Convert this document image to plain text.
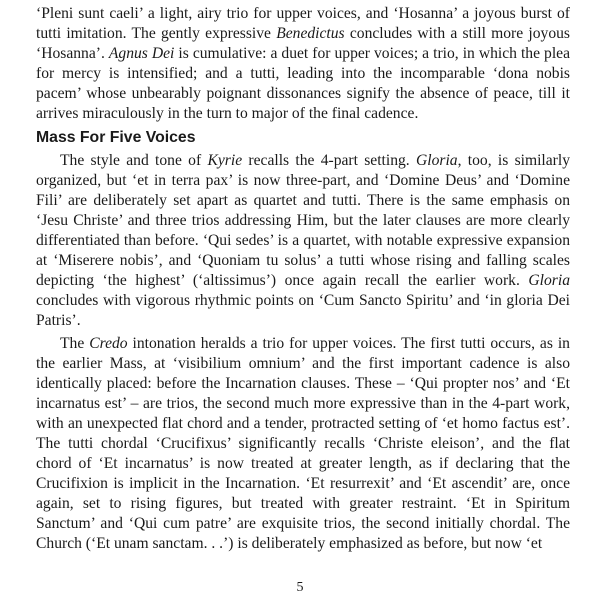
‘Pleni sunt caeli’ a light, airy trio for upper voices, and ‘Hosanna’ a joyous burst of tutti imitation. The gently expressive Benedictus concludes with a still more joyous ‘Hosanna’. Agnus Dei is cumulative: a duet for upper voices; a trio, in which the plea for mercy is intensified; and a tutti, leading into the incomparable ‘dona nobis pacem’ whose unbearably poignant dissonances signify the absence of peace, till it arrives miraculously in the turn to major of the final cadence.

Mass For Five Voices

The style and tone of Kyrie recalls the 4-part setting. Gloria, too, is similarly organized, but ‘et in terra pax’ is now three-part, and ‘Domine Deus’ and ‘Domine Fili’ are deliberately set apart as quartet and tutti. There is the same emphasis on ‘Jesu Christe’ and three trios addressing Him, but the later clauses are more clearly differentiated than before. ‘Qui sedes’ is a quartet, with notable expressive expansion at ‘Miserere nobis’, and ‘Quoniam tu solus’ a tutti whose rising and falling scales depicting ‘the highest’ (‘altissimus’) once again recall the earlier work. Gloria concludes with vigorous rhythmic points on ‘Cum Sancto Spiritu’ and ‘in gloria Dei Patris’.

The Credo intonation heralds a trio for upper voices. The first tutti occurs, as in the earlier Mass, at ‘visibilium omnium’ and the first important cadence is also identically placed: before the Incarnation clauses. These – ‘Qui propter nos’ and ‘Et incarnatus est’ – are trios, the second much more expressive than in the 4-part work, with an unexpected flat chord and a tender, protracted setting of ‘et homo factus est’. The tutti chordal ‘Crucifixus’ significantly recalls ‘Christe eleison’, and the flat chord of ‘Et incarnatus’ is now treated at greater length, as if declaring that the Crucifixion is implicit in the Incarnation. ‘Et resurrexit’ and ‘Et ascendit’ are, once again, set to rising figures, but treated with greater restraint. ‘Et in Spiritum Sanctum’ and ‘Qui cum patre’ are exquisite trios, the second initially chordal. The Church (‘Et unam sanctam. . .’) is deliberately emphasized as before, but now ‘et

5
